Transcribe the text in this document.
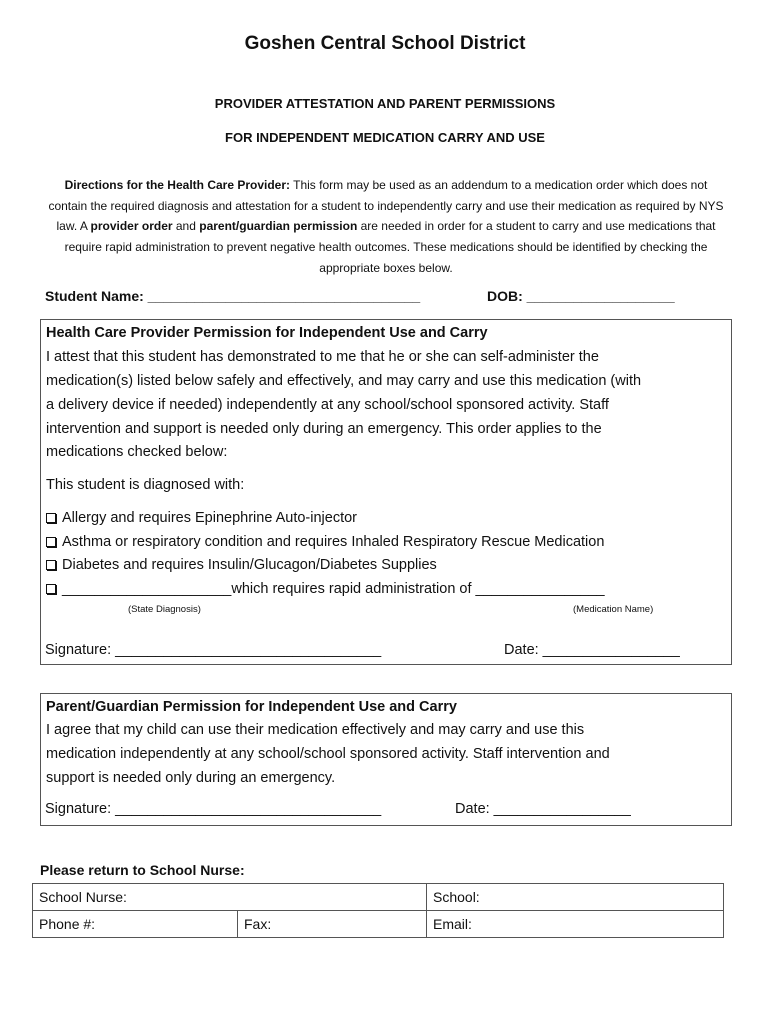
Goshen Central School District
PROVIDER ATTESTATION AND PARENT PERMISSIONS
FOR INDEPENDENT MEDICATION CARRY AND USE
Directions for the Health Care Provider: This form may be used as an addendum to a medication order which does not contain the required diagnosis and attestation for a student to independently carry and use their medication as required by NYS law. A provider order and parent/guardian permission are needed in order for a student to carry and use medications that require rapid administration to prevent negative health outcomes. These medications should be identified by checking the appropriate boxes below.
Student Name: ___________________________________	DOB: ___________________
Health Care Provider Permission for Independent Use and Carry
I attest that this student has demonstrated to me that he or she can self-administer the
medication(s) listed below safely and effectively, and may carry and use this medication (with
a delivery device if needed) independently at any school/school sponsored activity. Staff
intervention and support is needed only during an emergency. This order applies to the
medications checked below:
This student is diagnosed with:
Allergy and requires Epinephrine Auto-injector
Asthma or respiratory condition and requires Inhaled Respiratory Rescue Medication
Diabetes and requires Insulin/Glucagon/Diabetes Supplies
_____________________which requires rapid administration of ________________
(State Diagnosis)	(Medication Name)
Signature: _________________________________	Date: _________________
Parent/Guardian Permission for Independent Use and Carry
I agree that my child can use their medication effectively and may carry and use this
medication independently at any school/school sponsored activity. Staff intervention and
support is needed only during an emergency.
Signature: _________________________________	Date: _________________
Please return to School Nurse:
School Nurse:		School:
Phone #:	Fax:	Email:
